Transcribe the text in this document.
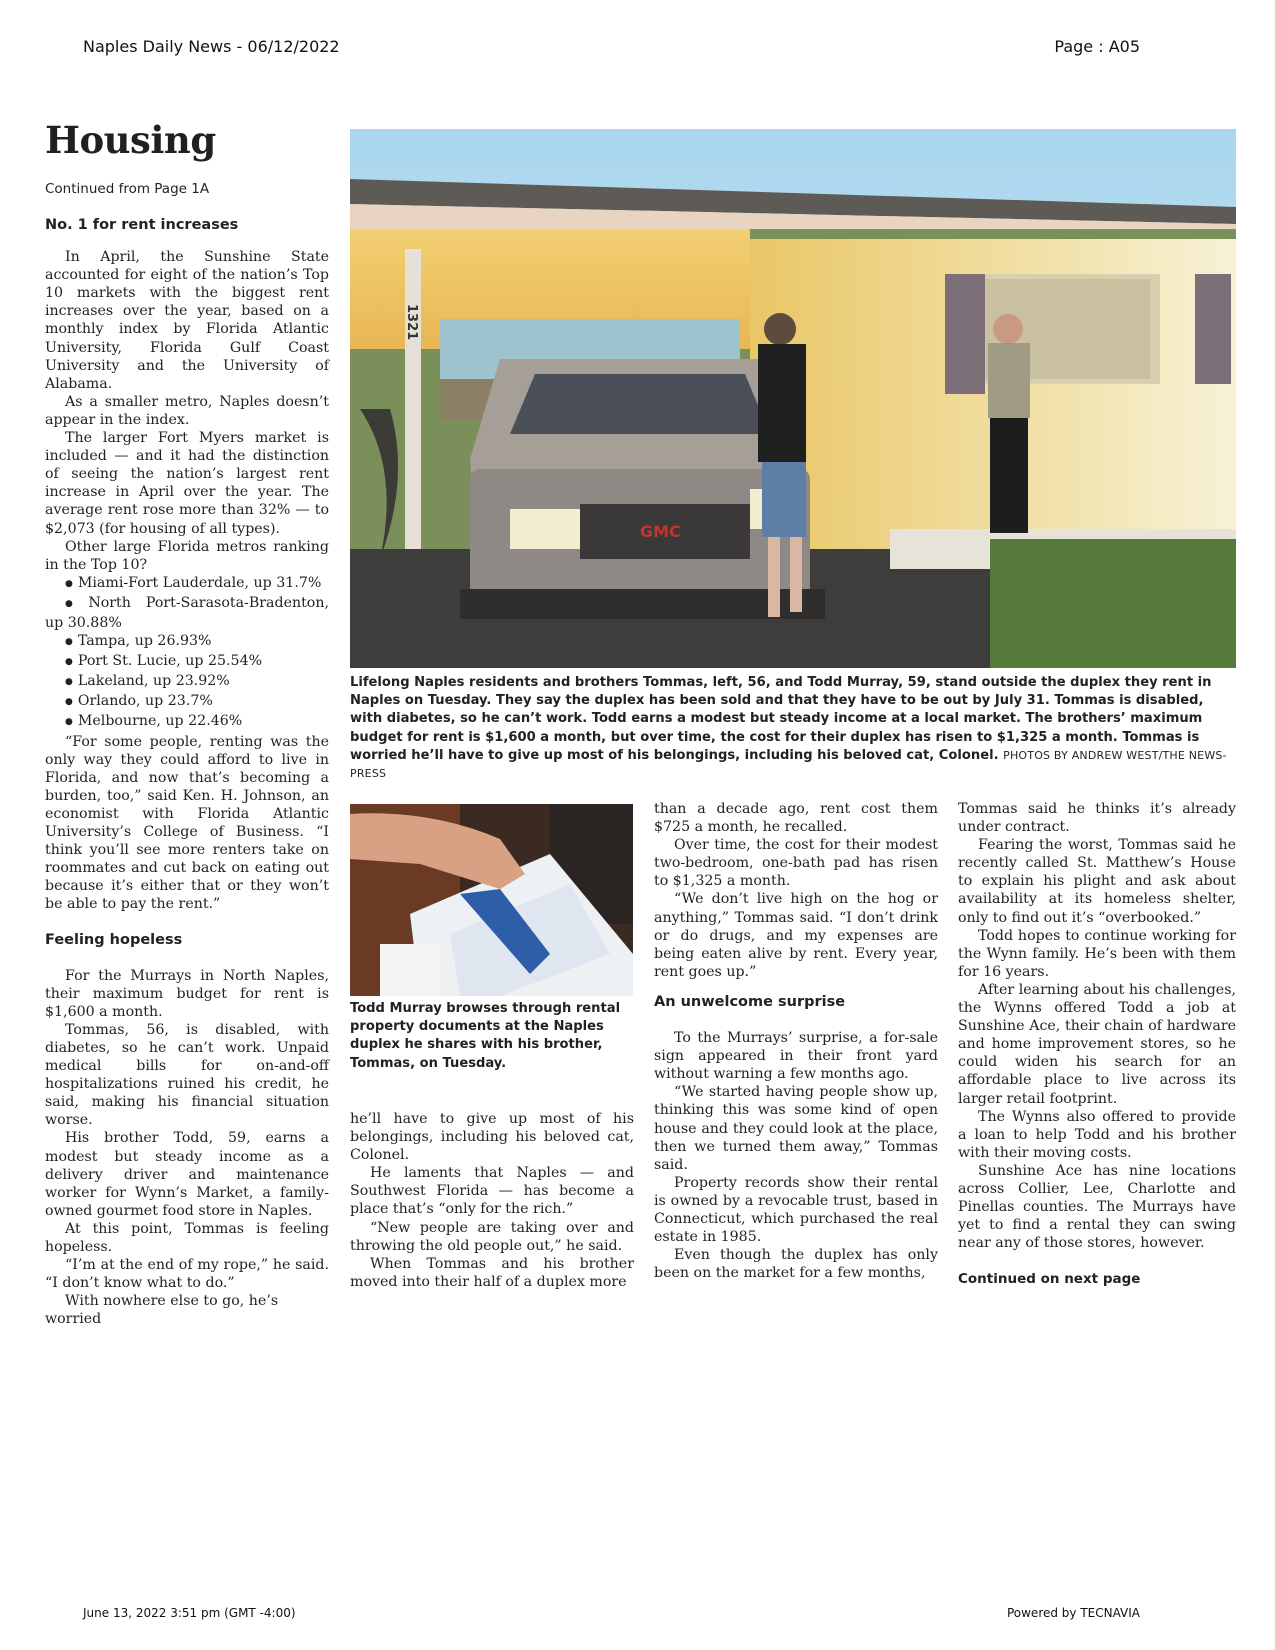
Naples Daily News - 06/12/2022	Page : A05
Housing
Continued from Page 1A

No. 1 for rent increases

In April, the Sunshine State accounted for eight of the nation’s Top 10 markets with the biggest rent increases over the year, based on a monthly index by Florida Atlantic University, Florida Gulf Coast University and the University of Alabama.

As a smaller metro, Naples doesn’t appear in the index.

The larger Fort Myers market is included — and it had the distinction of seeing the nation’s largest rent increase in April over the year. The average rent rose more than 32% — to $2,073 (for housing of all types).

Other large Florida metros ranking in the Top 10?

● Miami-Fort Lauderdale, up 31.7%
● North Port-Sarasota-Bradenton, up 30.88%
● Tampa, up 26.93%
● Port St. Lucie, up 25.54%
● Lakeland, up 23.92%
● Orlando, up 23.7%
● Melbourne, up 22.46%

“For some people, renting was the only way they could afford to live in Florida, and now that’s becoming a burden, too,” said Ken. H. Johnson, an economist with Florida Atlantic University’s College of Business. “I think you’ll see more renters take on roommates and cut back on eating out because it’s either that or they won’t be able to pay the rent.”

Feeling hopeless

For the Murrays in North Naples, their maximum budget for rent is $1,600 a month.

Tommas, 56, is disabled, with diabetes, so he can’t work. Unpaid medical bills for on-and-off hospitalizations ruined his credit, he said, making his financial situation worse.

His brother Todd, 59, earns a modest but steady income as a delivery driver and maintenance worker for Wynn’s Market, a family-owned gourmet food store in Naples.

At this point, Tommas is feeling hopeless.

“I’m at the end of my rope,” he said. “I don’t know what to do.”

With nowhere else to go, he’s worried

1321
GMC
Lifelong Naples residents and brothers Tommas, left, 56, and Todd Murray, 59, stand outside the duplex they rent in Naples on Tuesday. They say the duplex has been sold and that they have to be out by July 31. Tommas is disabled, with diabetes, so he can’t work. Todd earns a modest but steady income at a local market. The brothers’ maximum budget for rent is $1,600 a month, but over time, the cost for their duplex has risen to $1,325 a month. Tommas is worried he’ll have to give up most of his belongings, including his beloved cat, Colonel. PHOTOS BY ANDREW WEST/THE NEWS-PRESS
Todd Murray browses through rental property documents at the Naples duplex he shares with his brother, Tommas, on Tuesday.

he’ll have to give up most of his belongings, including his beloved cat, Colonel.

He laments that Naples — and Southwest Florida — has become a place that’s “only for the rich.”

“New people are taking over and throwing the old people out,” he said.

When Tommas and his brother moved into their half of a duplex more

than a decade ago, rent cost them $725 a month, he recalled.

Over time, the cost for their modest two-bedroom, one-bath pad has risen to $1,325 a month.

“We don’t live high on the hog or anything,” Tommas said. “I don’t drink or do drugs, and my expenses are being eaten alive by rent. Every year, rent goes up.”

An unwelcome surprise

To the Murrays’ surprise, a for-sale sign appeared in their front yard without warning a few months ago.

“We started having people show up, thinking this was some kind of open house and they could look at the place, then we turned them away,” Tommas said.

Property records show their rental is owned by a revocable trust, based in Connecticut, which purchased the real estate in 1985.

Even though the duplex has only been on the market for a few months,

Tommas said he thinks it’s already under contract.

Fearing the worst, Tommas said he recently called St. Matthew’s House to explain his plight and ask about availability at its homeless shelter, only to find out it’s “overbooked.”

Todd hopes to continue working for the Wynn family. He’s been with them for 16 years.

After learning about his challenges, the Wynns offered Todd a job at Sunshine Ace, their chain of hardware and home improvement stores, so he could widen his search for an affordable place to live across its larger retail footprint.

The Wynns also offered to provide a loan to help Todd and his brother with their moving costs.

Sunshine Ace has nine locations across Collier, Lee, Charlotte and Pinellas counties. The Murrays have yet to find a rental they can swing near any of those stores, however.

Continued on next page

June 13, 2022 3:51 pm (GMT -4:00)	Powered by TECNAVIA
